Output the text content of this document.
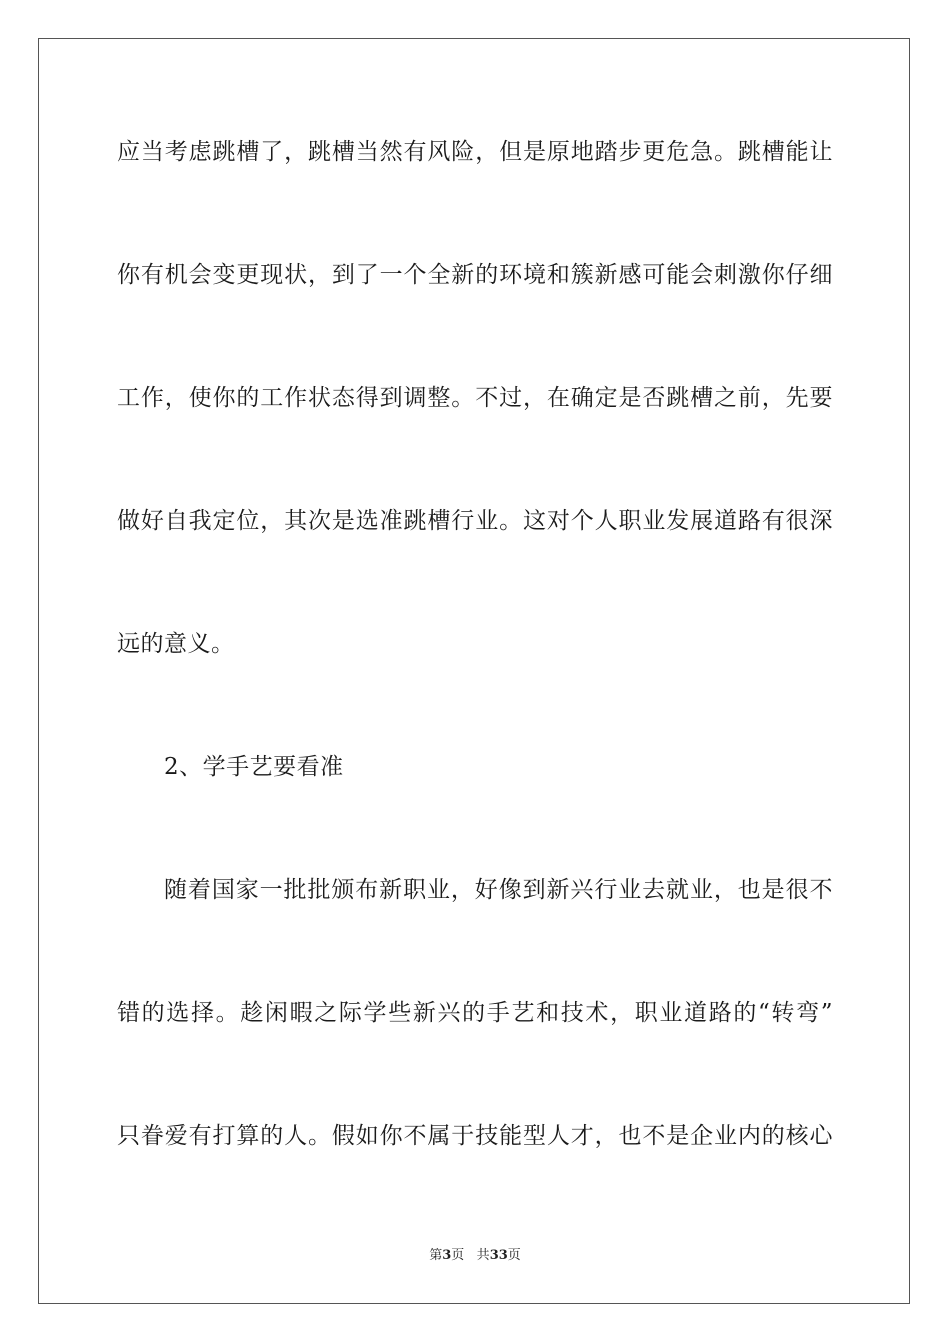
应当考虑跳槽了，跳槽当然有风险，但是原地踏步更危急。跳槽能让
你有机会变更现状，到了一个全新的环境和簇新感可能会刺激你仔细
工作，使你的工作状态得到调整。不过，在确定是否跳槽之前，先要
做好自我定位，其次是选准跳槽行业。这对个人职业发展道路有很深
远的意义。
2、学手艺要看准
随着国家一批批颁布新职业，好像到新兴行业去就业，也是很不
错的选择。趁闲暇之际学些新兴的手艺和技术，职业道路的“转弯”
只眷爱有打算的人。假如你不属于技能型人才，也不是企业内的核心
第3页 共33页
